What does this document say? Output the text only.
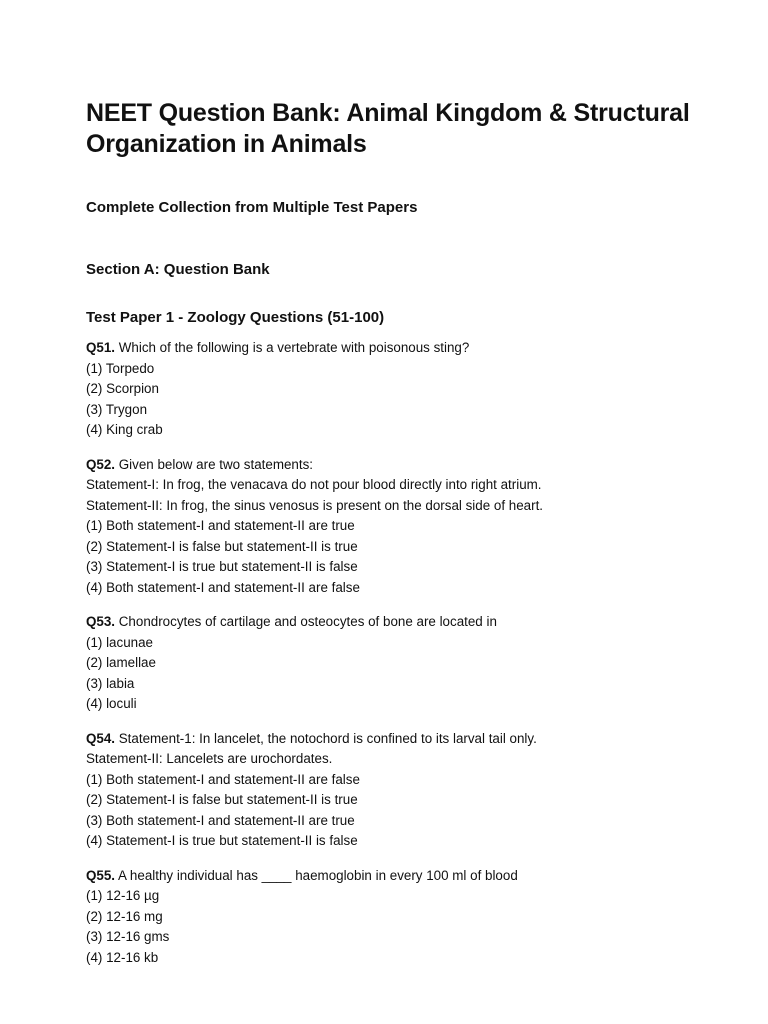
NEET Question Bank: Animal Kingdom & Structural Organization in Animals
Complete Collection from Multiple Test Papers
Section A: Question Bank
Test Paper 1 - Zoology Questions (51-100)
Q51. Which of the following is a vertebrate with poisonous sting?
(1) Torpedo
(2) Scorpion
(3) Trygon
(4) King crab
Q52. Given below are two statements:
Statement-I: In frog, the venacava do not pour blood directly into right atrium.
Statement-II: In frog, the sinus venosus is present on the dorsal side of heart.
(1) Both statement-I and statement-II are true
(2) Statement-I is false but statement-II is true
(3) Statement-I is true but statement-II is false
(4) Both statement-I and statement-II are false
Q53. Chondrocytes of cartilage and osteocytes of bone are located in
(1) lacunae
(2) lamellae
(3) labia
(4) loculi
Q54. Statement-1: In lancelet, the notochord is confined to its larval tail only.
Statement-II: Lancelets are urochordates.
(1) Both statement-I and statement-II are false
(2) Statement-I is false but statement-II is true
(3) Both statement-I and statement-II are true
(4) Statement-I is true but statement-II is false
Q55. A healthy individual has ____ haemoglobin in every 100 ml of blood
(1) 12-16 µg
(2) 12-16 mg
(3) 12-16 gms
(4) 12-16 kb
